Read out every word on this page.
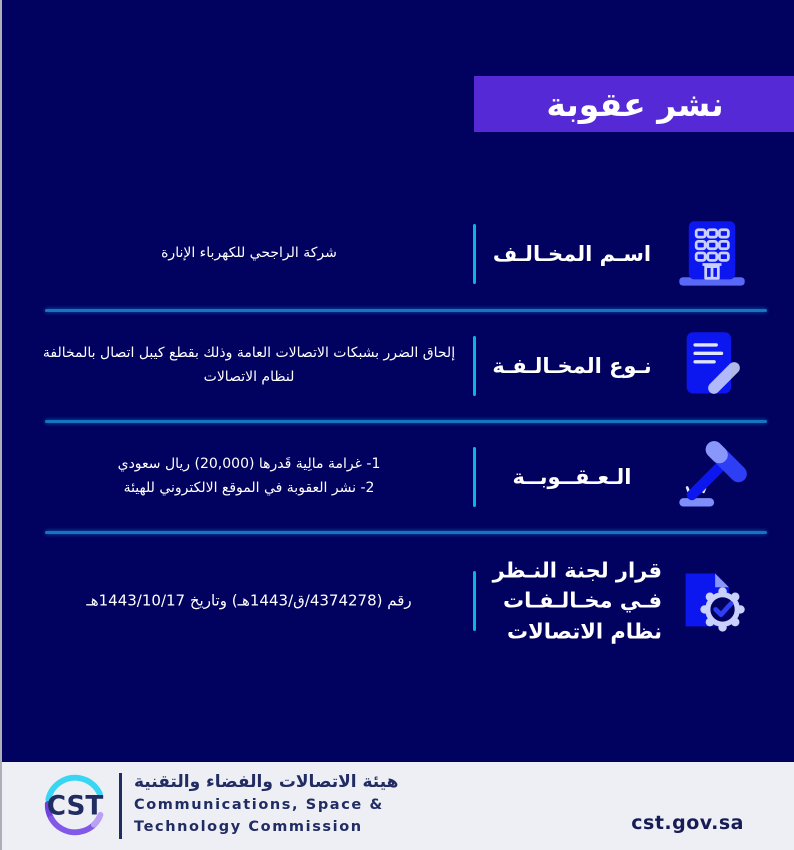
نشر عقوبة
اسـم المخـالـف
شركة الراجحي للكهرباء الإنارة
نـوع المخـالـفـة
إلحاق الضرر بشبكات الاتصالات العامة وذلك بقطع كيبل اتصال بالمخالفة
لنظام الاتصالات
الـعـقــوبــة
1- غرامة مالِية قَدرها (20,000) ريال سعودي
2- نشر العقوبة في الموقع الالكتروني للهيئة
قرار لجنة النـظر
فـي مخـالـفـات
نظام الاتصالات
رقم (4374278/ق/1443هـ) وتاريخ 1443/10/17هـ
CST
هيئة الاتصالات والفضاء والتقنية
Communications, Space &
Technology Commission	cst.gov.sa
